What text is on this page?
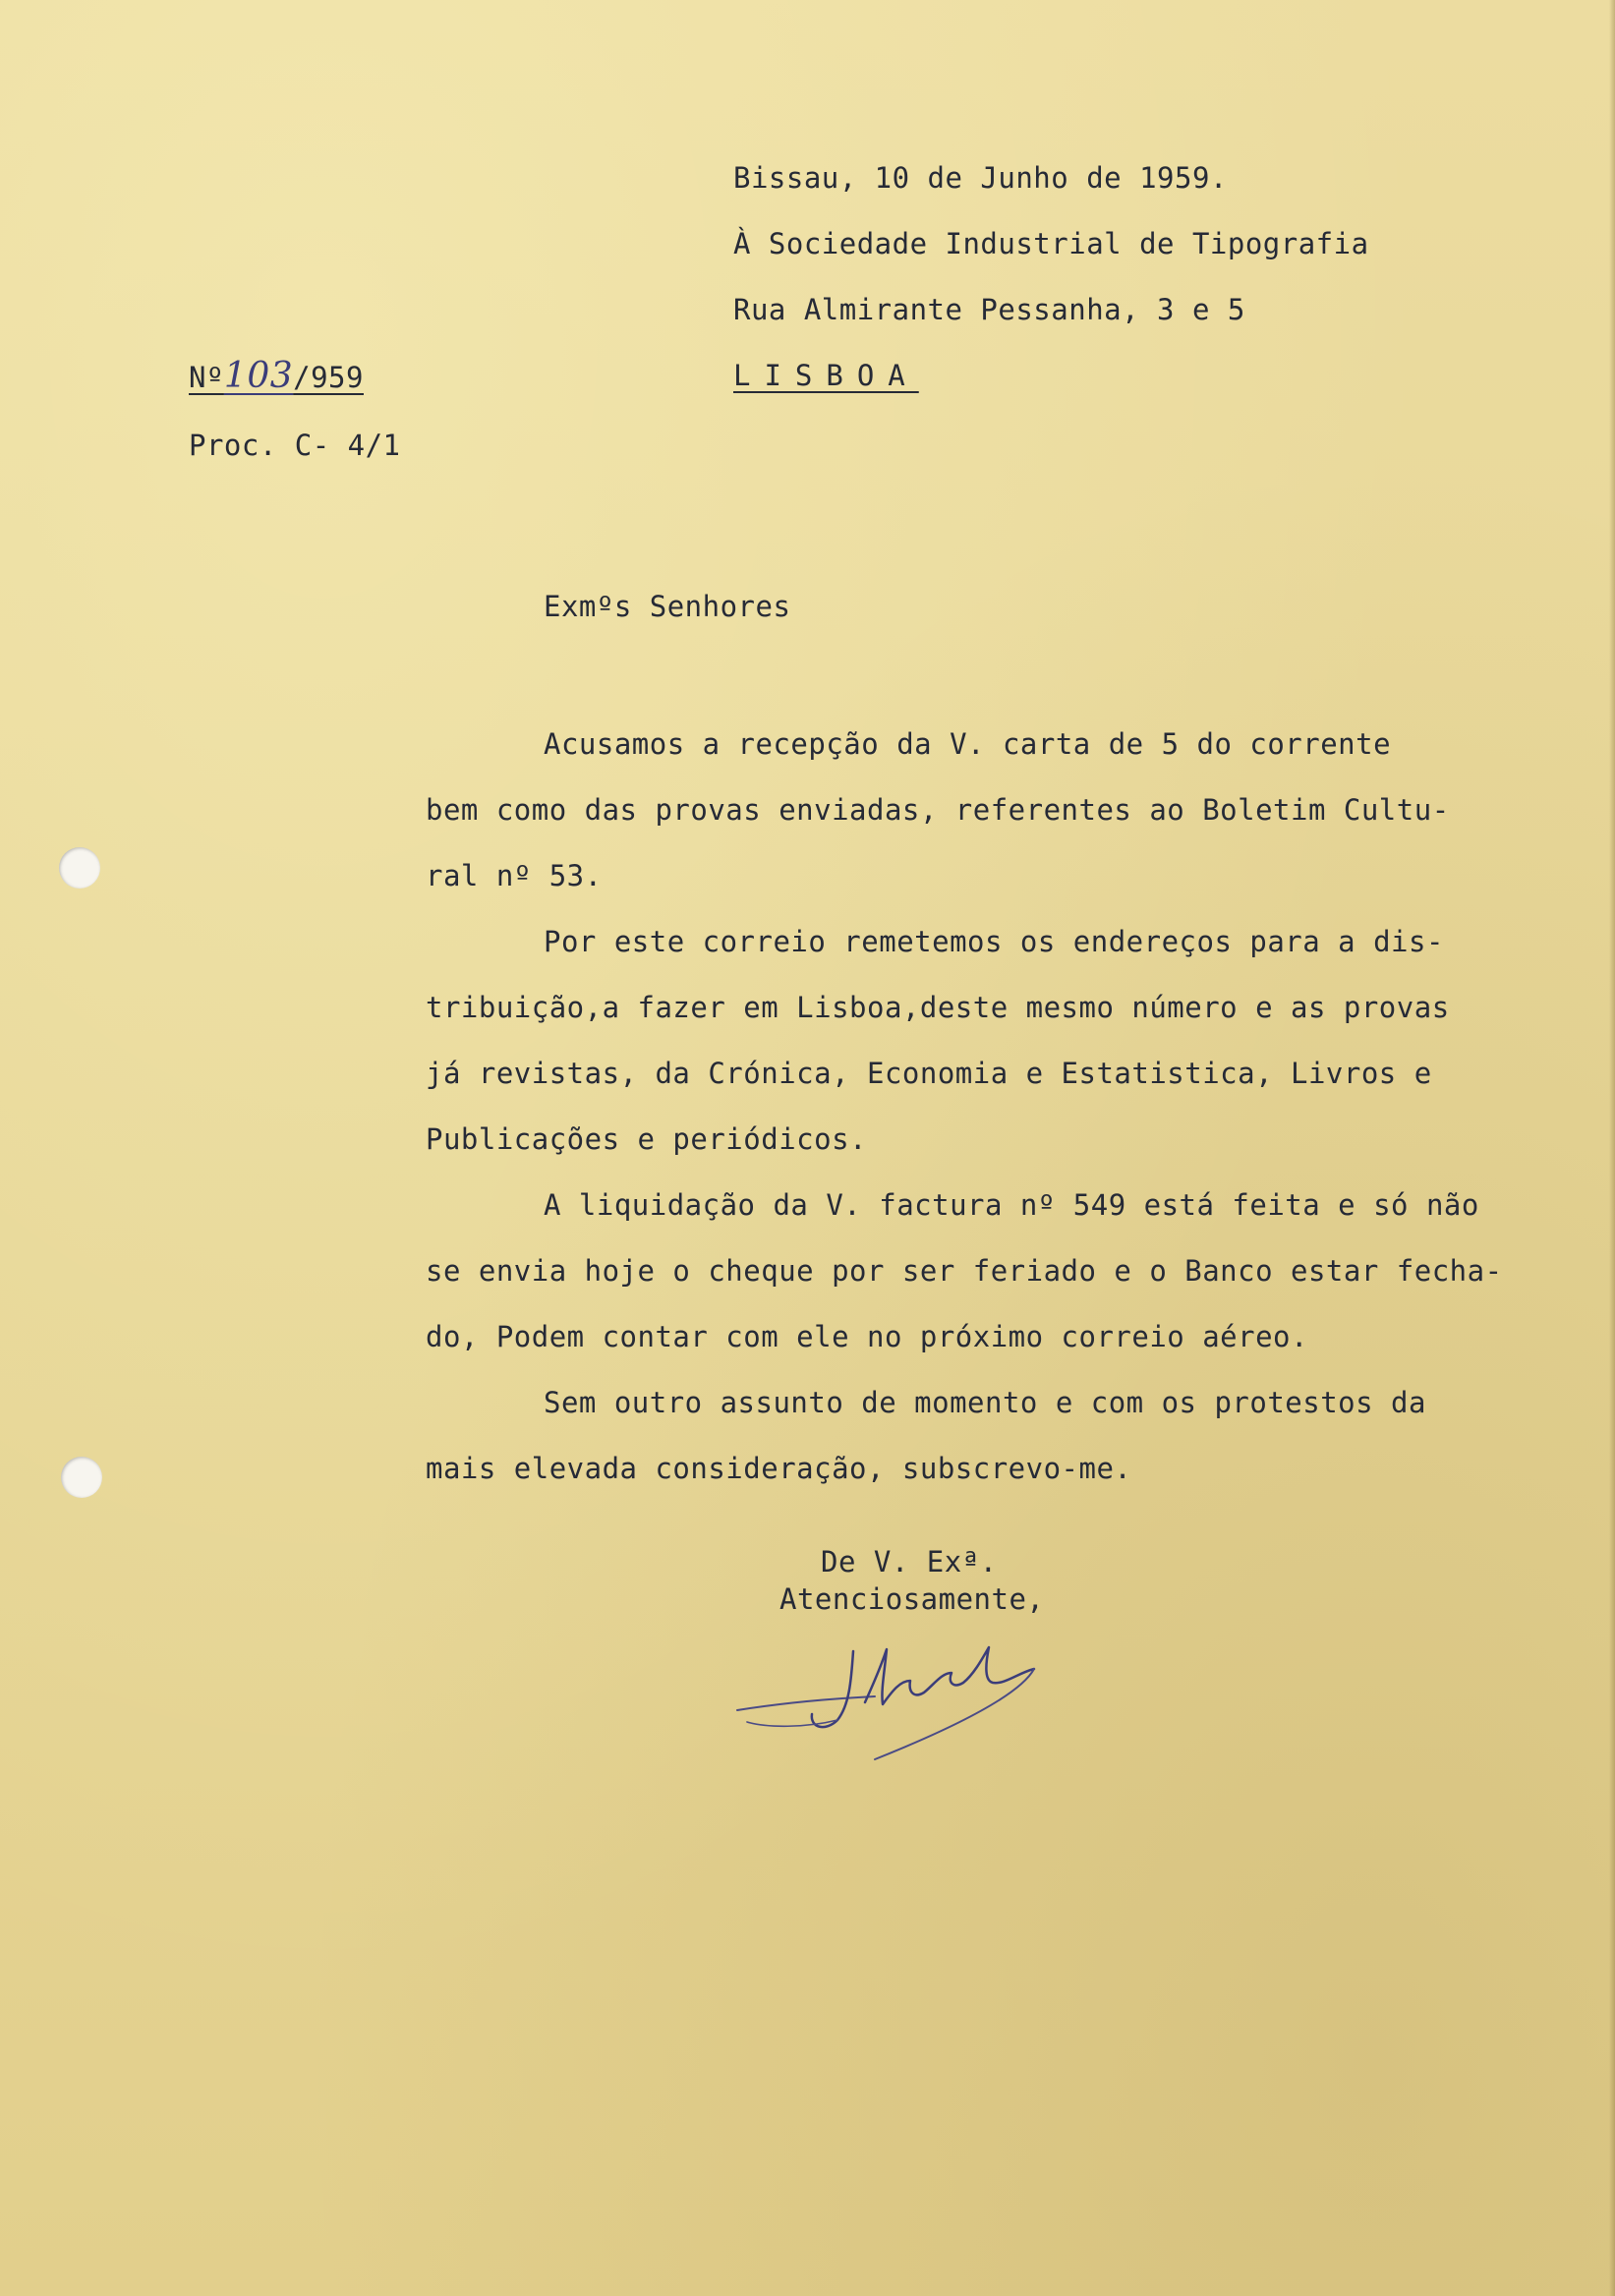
Bissau, 10 de Junho de 1959.

À Sociedade Industrial de Tipografia

Rua Almirante Pessanha, 3 e 5

LISBOA

Nº103/959

Proc. C- 4/1

Exmºs Senhores

Acusamos a recepção da V. carta de 5 do corrente

bem como das provas enviadas, referentes ao Boletim Cultu-

ral nº 53.

Por este correio remetemos os endereços para a dis-

tribuição,a fazer em Lisboa,deste mesmo número e as provas

já revistas, da Crónica, Economia e Estatistica, Livros e

Publicações e periódicos.

A liquidação da V. factura nº 549 está feita e só não

se envia hoje o cheque por ser feriado e o Banco estar fecha-

do, Podem contar com ele no próximo correio aéreo.

Sem outro assunto de momento e com os protestos da

mais elevada consideração, subscrevo-me.

De V. Exª.

Atenciosamente,
